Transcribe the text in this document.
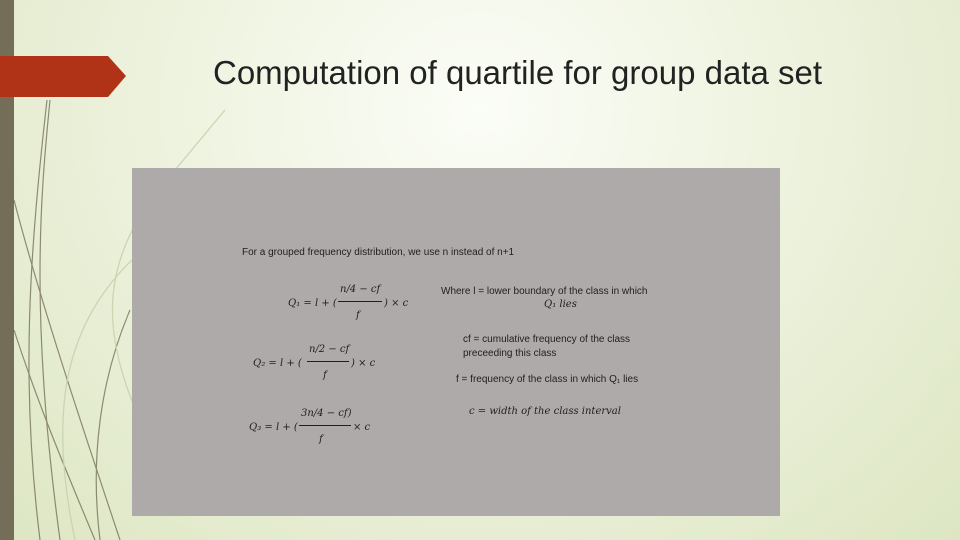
Computation of quartile for group data set
For a grouped frequency distribution, we use n instead of n+1
Q₁ = l + (
n/4 − cf
f
) × c
Q₂ = l + (
n/2 − cf
f
) × c
Q₃ = l + (
3n/4 − cf)
f
× c
Where l = lower boundary of the class in which
Q₁ lies
cf = cumulative frequency of the class
preceeding this class
f = frequency of the class in which Q₁ lies
c = width of the class interval
